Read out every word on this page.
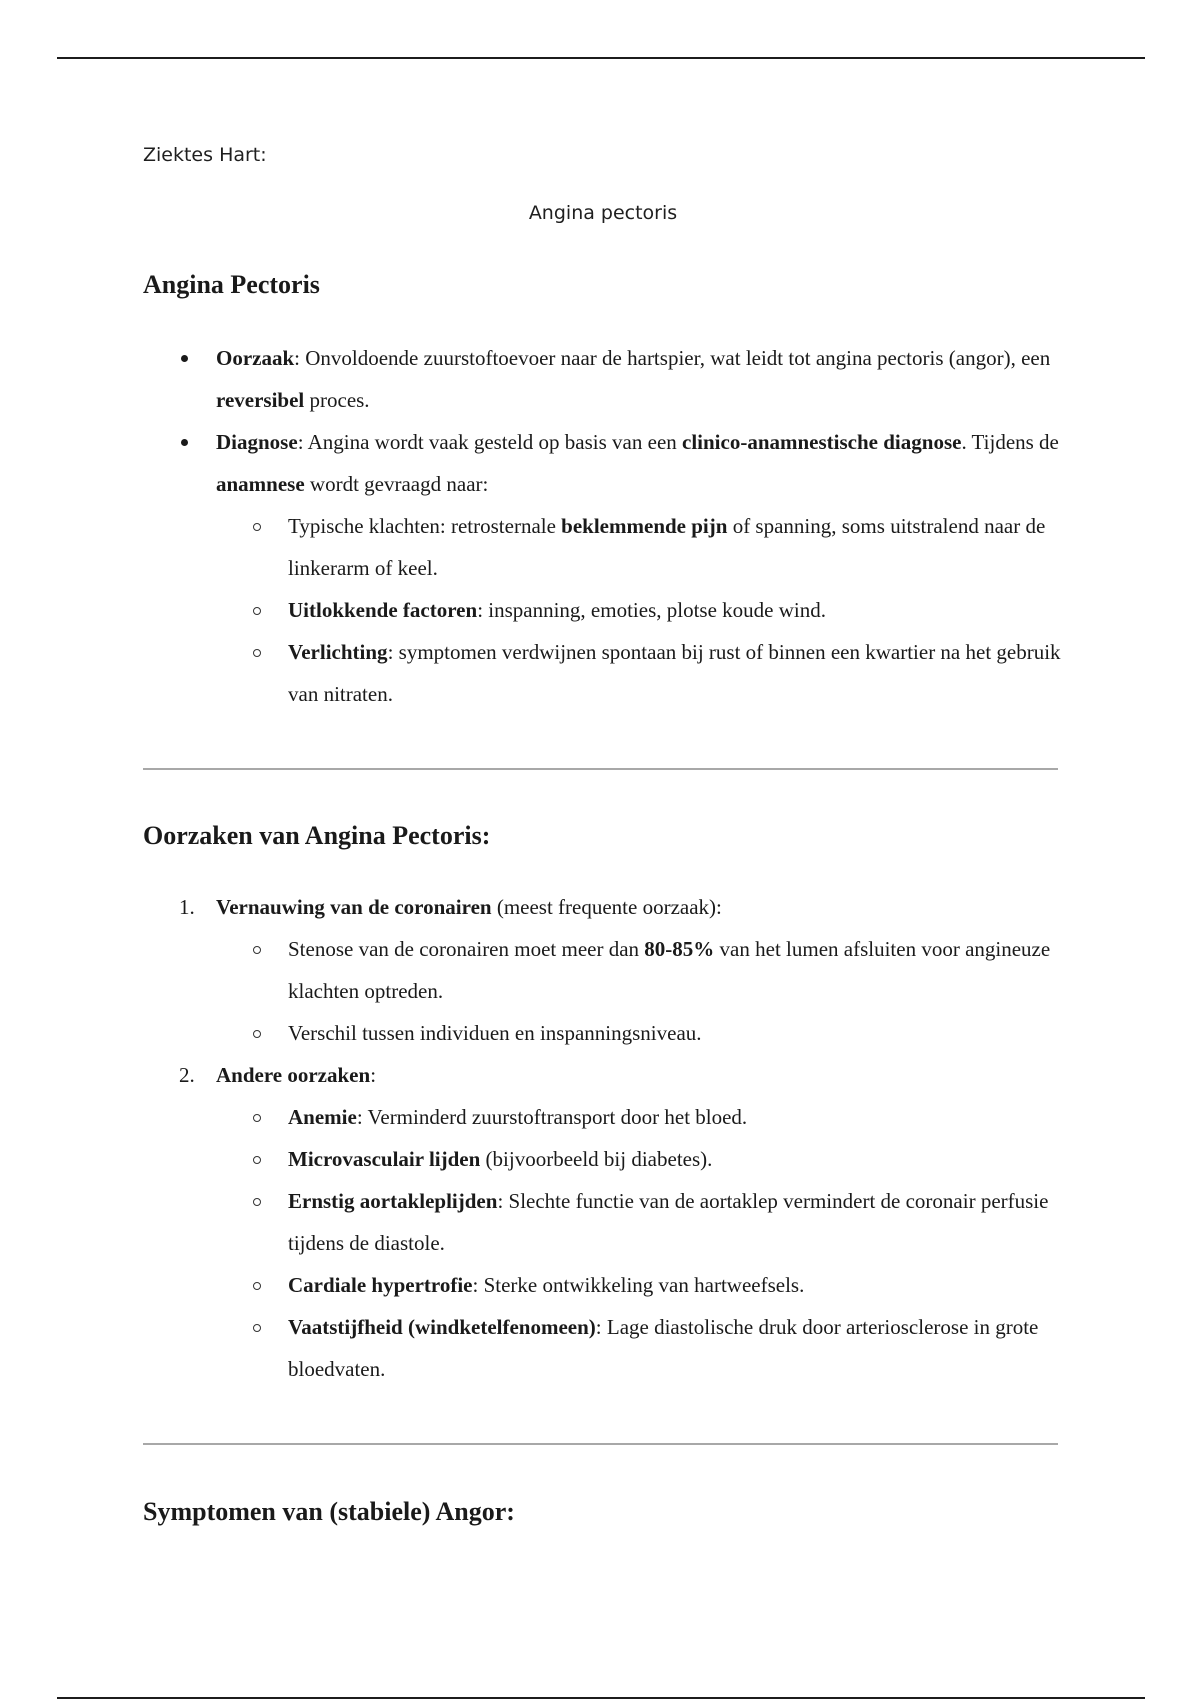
Ziektes Hart:
Angina pectoris
Angina Pectoris
Oorzaak: Onvoldoende zuurstoftoevoer naar de hartspier, wat leidt tot angina pectoris (angor), een reversibel proces.
Diagnose: Angina wordt vaak gesteld op basis van een clinico-anamnestische diagnose. Tijdens de anamnese wordt gevraagd naar:
Typische klachten: retrosternale beklemmende pijn of spanning, soms uitstralend naar de linkerarm of keel.
Uitlokkende factoren: inspanning, emoties, plotse koude wind.
Verlichting: symptomen verdwijnen spontaan bij rust of binnen een kwartier na het gebruik van nitraten.
Oorzaken van Angina Pectoris:
1.	Vernauwing van de coronairen (meest frequente oorzaak):
Stenose van de coronairen moet meer dan 80-85% van het lumen afsluiten voor angineuze klachten optreden.
Verschil tussen individuen en inspanningsniveau.
2.	Andere oorzaken:
Anemie: Verminderd zuurstoftransport door het bloed.
Microvasculair lijden (bijvoorbeeld bij diabetes).
Ernstig aortakleplijden: Slechte functie van de aortaklep vermindert de coronair perfusie tijdens de diastole.
Cardiale hypertrofie: Sterke ontwikkeling van hartweefsels.
Vaatstijfheid (windketelfenomeen): Lage diastolische druk door arteriosclerose in grote bloedvaten.
Symptomen van (stabiele) Angor:
